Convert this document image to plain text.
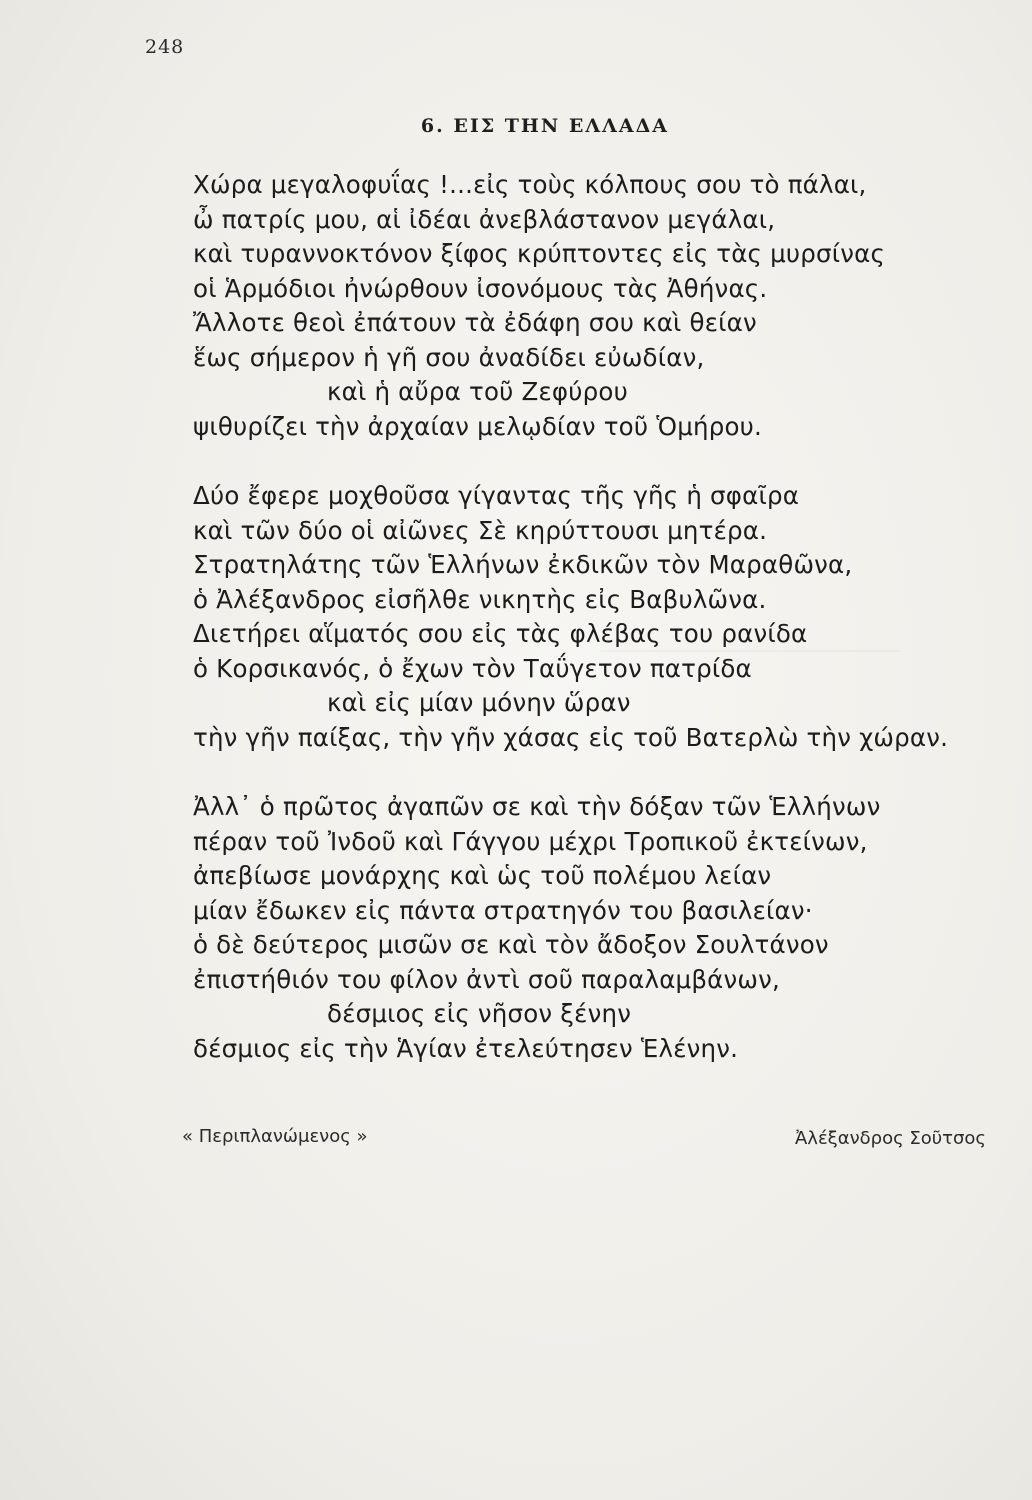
248
6. ΕΙΣ ΤΗΝ ΕΛΛΑΔΑ
Χώρα μεγαλοφυΐας !...εἰς τοὺς κόλπους σου τὸ πάλαι,
ὦ πατρίς μου, αἱ ἰδέαι ἀνεβλάστανον μεγάλαι,
καὶ τυραννοκτόνον ξίφος κρύπτοντες εἰς τὰς μυρσίνας
οἱ Ἁρμόδιοι ἠνώρθουν ἰσονόμους τὰς Ἀθήνας.
Ἄλλοτε θεοὶ ἐπάτουν τὰ ἐδάφη σου καὶ θείαν
ἕως σήμερον ἡ γῆ σου ἀναδίδει εὐωδίαν,
καὶ ἡ αὔρα τοῦ Ζεφύρου
ψιθυρίζει τὴν ἀρχαίαν μελῳδίαν τοῦ Ὁμήρου.
Δύο ἔφερε μοχθοῦσα γίγαντας τῆς γῆς ἡ σφαῖρα
καὶ τῶν δύο οἱ αἰῶνες Σὲ κηρύττουσι μητέρα.
Στρατηλάτης τῶν Ἑλλήνων ἐκδικῶν τὸν Μαραθῶνα,
ὁ Ἀλέξανδρος εἰσῆλθε νικητὴς εἰς Βαβυλῶνα.
Διετήρει αἵματός σου εἰς τὰς φλέβας του ρανίδα
ὁ Κορσικανός, ὁ ἔχων τὸν Ταΰγετον πατρίδα
καὶ εἰς μίαν μόνην ὥραν
τὴν γῆν παίξας, τὴν γῆν χάσας εἰς τοῦ Βατερλὼ τὴν χώραν.
Ἀλλ᾽ ὁ πρῶτος ἀγαπῶν σε καὶ τὴν δόξαν τῶν Ἑλλήνων
πέραν τοῦ Ἰνδοῦ καὶ Γάγγου μέχρι Τροπικοῦ ἐκτείνων,
ἀπεβίωσε μονάρχης καὶ ὡς τοῦ πολέμου λείαν
μίαν ἔδωκεν εἰς πάντα στρατηγόν του βασιλείαν·
ὁ δὲ δεύτερος μισῶν σε καὶ τὸν ἄδοξον Σουλτάνον
ἐπιστήθιόν του φίλον ἀντὶ σοῦ παραλαμβάνων,
δέσμιος εἰς νῆσον ξένην
δέσμιος εἰς τὴν Ἁγίαν ἐτελεύτησεν Ἑλένην.
« Περιπλανώμενος »	Ἀλέξανδρος Σοῦτσος
